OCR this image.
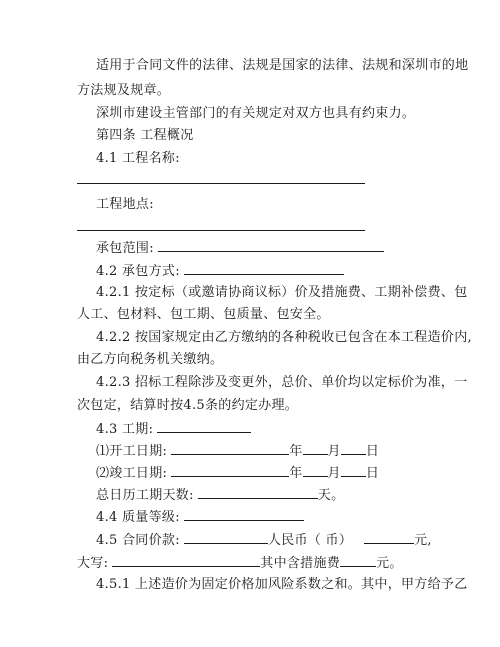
适用于合同文件的法律、法规是国家的法律、法规和深圳市的地
方法规及规章。
深圳市建设主管部门的有关规定对双方也具有约束力。
第四条 工程概况
4.1 工程名称:
工程地点:
承包范围:
4.2 承包方式:
4.2.1 按定标（或邀请协商议标）价及措施费、工期补偿费、包
人工、包材料、包工期、包质量、包安全。
4.2.2 按国家规定由乙方缴纳的各种税收已包含在本工程造价内,
由乙方向税务机关缴纳。
4.2.3 招标工程除涉及变更外，总价、单价均以定标价为准，一
次包定，结算时按4.5条的约定办理。
4.3 工期:
⑴开工日期:	年 月 日
⑵竣工日期:	年 月 日
总日历工期天数:	天。
4.4 质量等级:
4.5 合同价款:	人民币（ 币）	元,
大写:	其中含措施费	元。
4.5.1 上述造价为固定价格加风险系数之和。其中，甲方给予乙
